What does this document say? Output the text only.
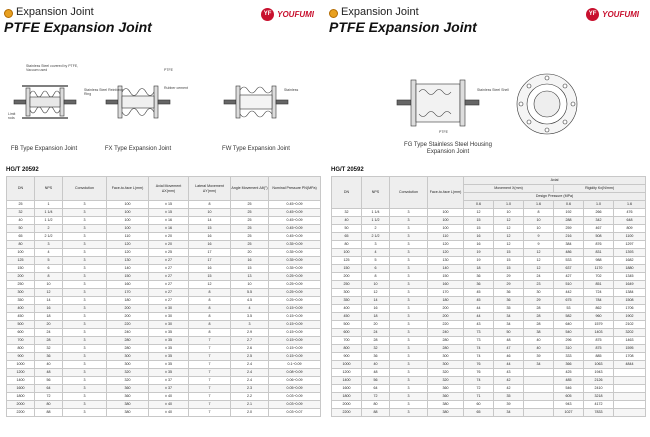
Expansion Joint
PTFE Expansion Joint
YF YOUFUMI
Stainless Steel covered by PTFE, Vacuum used
Stainless Steel Reinforce Ring
PTFE
Rubber cement	Stainless
Limit rods
FB Type Expansion Joint	FX Type Expansion Joint	FW Type Expansion Joint
HG/T 20592
DN	NPS	Convolution	Face-to-face L(mm)	Axial Movement ΔX(mm)	Lateral Movement ΔY(mm)	Angle Movement Δθ(°)	Nominal Pressure PN(MPa)
25	1	3	100	± 15	8	25	0.45~0.09
32	1 1/4	3	100	± 15	10	25	0.45~0.09
40	1 1/2	3	100	± 16	14	25	0.45~0.09
50	2	3	100	± 16	15	25	0.45~0.09
65	2 1/2	3	110	± 20	16	25	0.45~0.09
80	3	3	120	± 20	16	25	0.35~0.09
100	4	3	120	± 25	17	20	0.35~0.09
125	5	3	130	± 27	17	16	0.35~0.09
150	6	3	140	± 27	16	15	0.35~0.09
200	8	3	150	± 27	15	13	0.25~0.09
250	10	3	160	± 27	12	10	0.25~0.09
300	12	3	170	± 27	8	5.5	0.25~0.09
350	14	3	180	± 27	8	4.5	0.25~0.09
400	16	3	200	± 30	8	4	0.15~0.09
450	18	3	200	± 30	8	3.5	0.15~0.09
500	20	3	220	± 30	8	3	0.15~0.09
600	24	3	240	± 35	8	2.9	0.15~0.09
700	28	3	280	± 35	7	2.7	0.15~0.09
800	32	3	280	± 35	7	2.6	0.15~0.09
900	36	3	300	± 35	7	2.5	0.15~0.09
1000	40	3	300	± 35	7	2.4	0.1~0.09
1200	48	3	320	± 35	7	2.4	0.08~0.09
1400	56	3	320	± 37	7	2.4	0.06~0.09
1600	64	3	360	± 37	7	2.3	0.05~0.09
1800	72	3	360	± 40	7	2.2	0.03~0.09
2000	80	3	380	± 40	7	2.1	0.03~0.09
2200	88	3	380	± 40	7	2.0	0.03~0.07
Expansion Joint
PTFE Expansion Joint
YF YOUFUMI
Stainless Steel Shell
PTFE
FG Type Stainless Steel Housing
Expansion Joint
HG/T 20592
DN	NPS	Convolution	Face-to-face L(mm)	Axial					
				Movement X(mm)			Rigidity Kx(N/mm)		
				Design Pressure (MPa)					
				0.6	1.0	1.6	0.6	1.0	1.6
32	1 1/4	3	100	12	10	8	192	266	476
40	1 1/2	3	100	15	12	10	288	342	648
50	2	3	100	15	12	10	259	467	809
65	2 1/2	3	110	16	12	9	216	508	1100
80	3	3	120	16	12	9	384	876	1297
100	4	3	120	19	15	12	486	831	1393
125	5	3	130	19	15	12	533	988	1682
150	6	3	140	18	15	12	637	1170	1880
200	8	3	150	36	29	24	427	702	1345
250	10	3	160	36	29	23	510	851	1649
300	12	3	170	45	36	30	442	724	1384
350	14	3	180	45	36	29	675	784	1508
400	16	3	200	44	35	28	53	862	1706
450	18	3	200	44	34	28	582	960	1902
500	20	3	220	43	34	28	640	1579	2102
600	24	3	240	73	50	38	540	1403	3202
700	28	3	280	73	48	40	296	875	1463
800	32	3	280	74	47	40	310	875	1595
900	36	3	300	74	46	39	333	885	1708
1000	40	3	300	76	44	34	366	1063	4844
1200	48	3	320	76	43		425	1943	
1400	56	3	320	74	42		485	2126	
1600	64	3	360	72	42		546	2410	
1800	72	3	360	71	35		605	3218	
2000	80	3	380	60	39		943	4172	
2200	88	3	380	65	34		1027	7833	
